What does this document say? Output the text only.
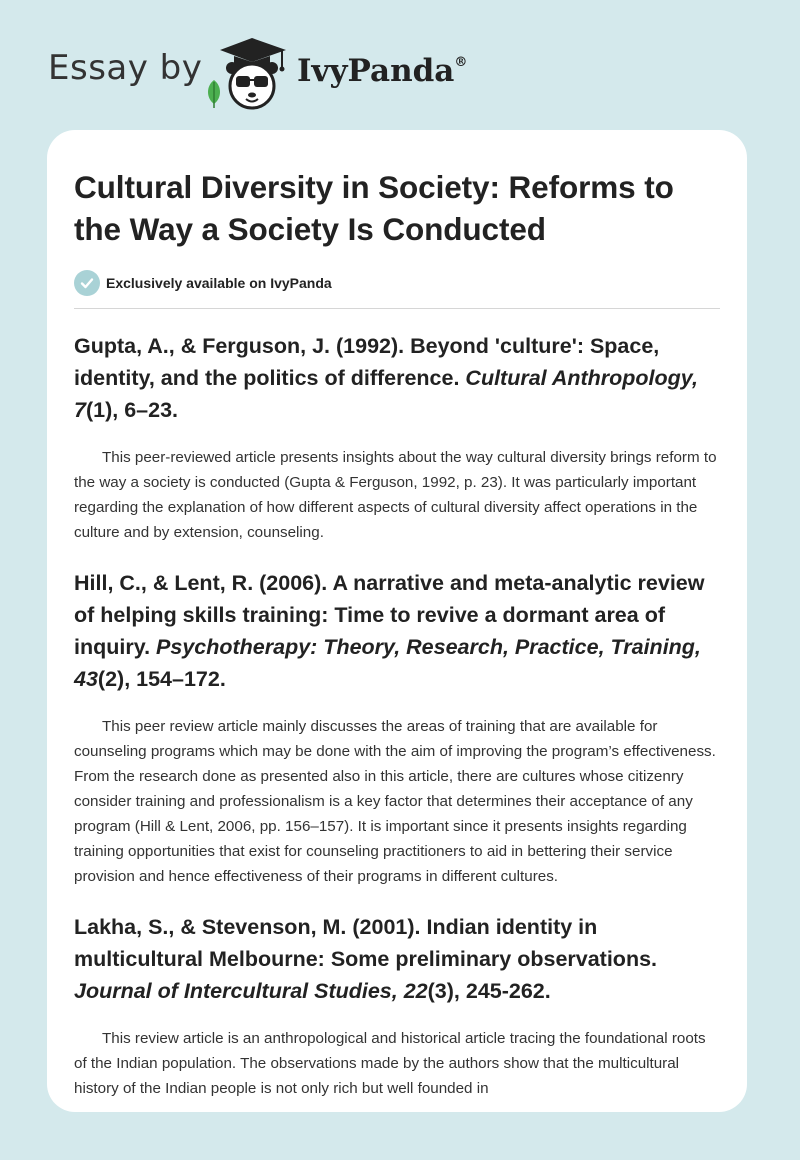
Essay by	IvyPanda®
Cultural Diversity in Society: Reforms to the Way a Society Is Conducted
Exclusively available on IvyPanda
Gupta, A., & Ferguson, J. (1992). Beyond 'culture': Space, identity, and the politics of difference. Cultural Anthropology, 7(1), 6–23.

This peer-reviewed article presents insights about the way cultural diversity brings reform to the way a society is conducted (Gupta & Ferguson, 1992, p. 23). It was particularly important regarding the explanation of how different aspects of cultural diversity affect operations in the culture and by extension, counseling.

Hill, C., & Lent, R. (2006). A narrative and meta-analytic review of helping skills training: Time to revive a dormant area of inquiry. Psychotherapy: Theory, Research, Practice, Training, 43(2), 154–172.

This peer review article mainly discusses the areas of training that are available for counseling programs which may be done with the aim of improving the program’s effectiveness. From the research done as presented also in this article, there are cultures whose citizenry consider training and professionalism is a key factor that determines their acceptance of any program (Hill & Lent, 2006, pp. 156–157). It is important since it presents insights regarding training opportunities that exist for counseling practitioners to aid in bettering their service provision and hence effectiveness of their programs in different cultures.

Lakha, S., & Stevenson, M. (2001). Indian identity in multicultural Melbourne: Some preliminary observations. Journal of Intercultural Studies, 22(3), 245-262.

This review article is an anthropological and historical article tracing the foundational roots of the Indian population. The observations made by the authors show that the multicultural history of the Indian people is not only rich but well founded in
